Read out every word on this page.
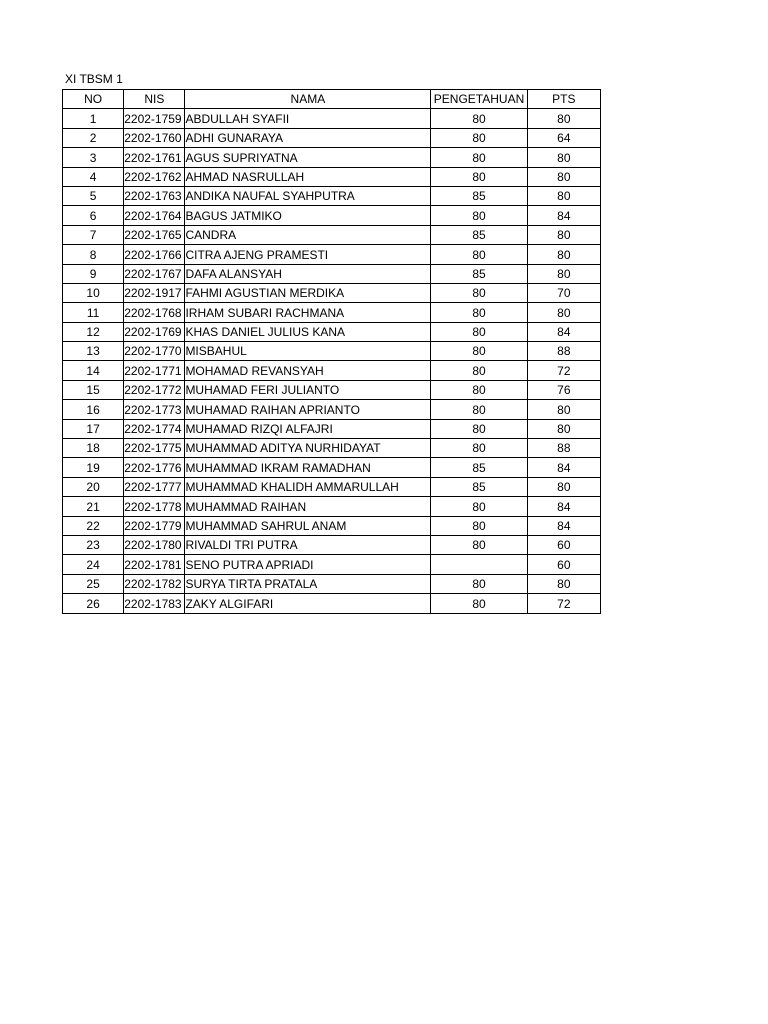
XI TBSM 1
NO	NIS	NAMA	PENGETAHUAN	PTS
1	2202-1759	ABDULLAH SYAFII	80	80
2	2202-1760	ADHI GUNARAYA	80	64
3	2202-1761	AGUS SUPRIYATNA	80	80
4	2202-1762	AHMAD NASRULLAH	80	80
5	2202-1763	ANDIKA NAUFAL SYAHPUTRA	85	80
6	2202-1764	BAGUS JATMIKO	80	84
7	2202-1765	CANDRA	85	80
8	2202-1766	CITRA AJENG PRAMESTI	80	80
9	2202-1767	DAFA ALANSYAH	85	80
10	2202-1917	FAHMI AGUSTIAN MERDIKA	80	70
11	2202-1768	IRHAM SUBARI RACHMANA	80	80
12	2202-1769	KHAS DANIEL JULIUS KANA	80	84
13	2202-1770	MISBAHUL	80	88
14	2202-1771	MOHAMAD REVANSYAH	80	72
15	2202-1772	MUHAMAD FERI JULIANTO	80	76
16	2202-1773	MUHAMAD RAIHAN APRIANTO	80	80
17	2202-1774	MUHAMAD RIZQI ALFAJRI	80	80
18	2202-1775	MUHAMMAD ADITYA NURHIDAYAT	80	88
19	2202-1776	MUHAMMAD IKRAM RAMADHAN	85	84
20	2202-1777	MUHAMMAD KHALIDH AMMARULLAH	85	80
21	2202-1778	MUHAMMAD RAIHAN	80	84
22	2202-1779	MUHAMMAD SAHRUL ANAM	80	84
23	2202-1780	RIVALDI TRI PUTRA	80	60
24	2202-1781	SENO PUTRA APRIADI		60
25	2202-1782	SURYA TIRTA PRATALA	80	80
26	2202-1783	ZAKY ALGIFARI	80	72
